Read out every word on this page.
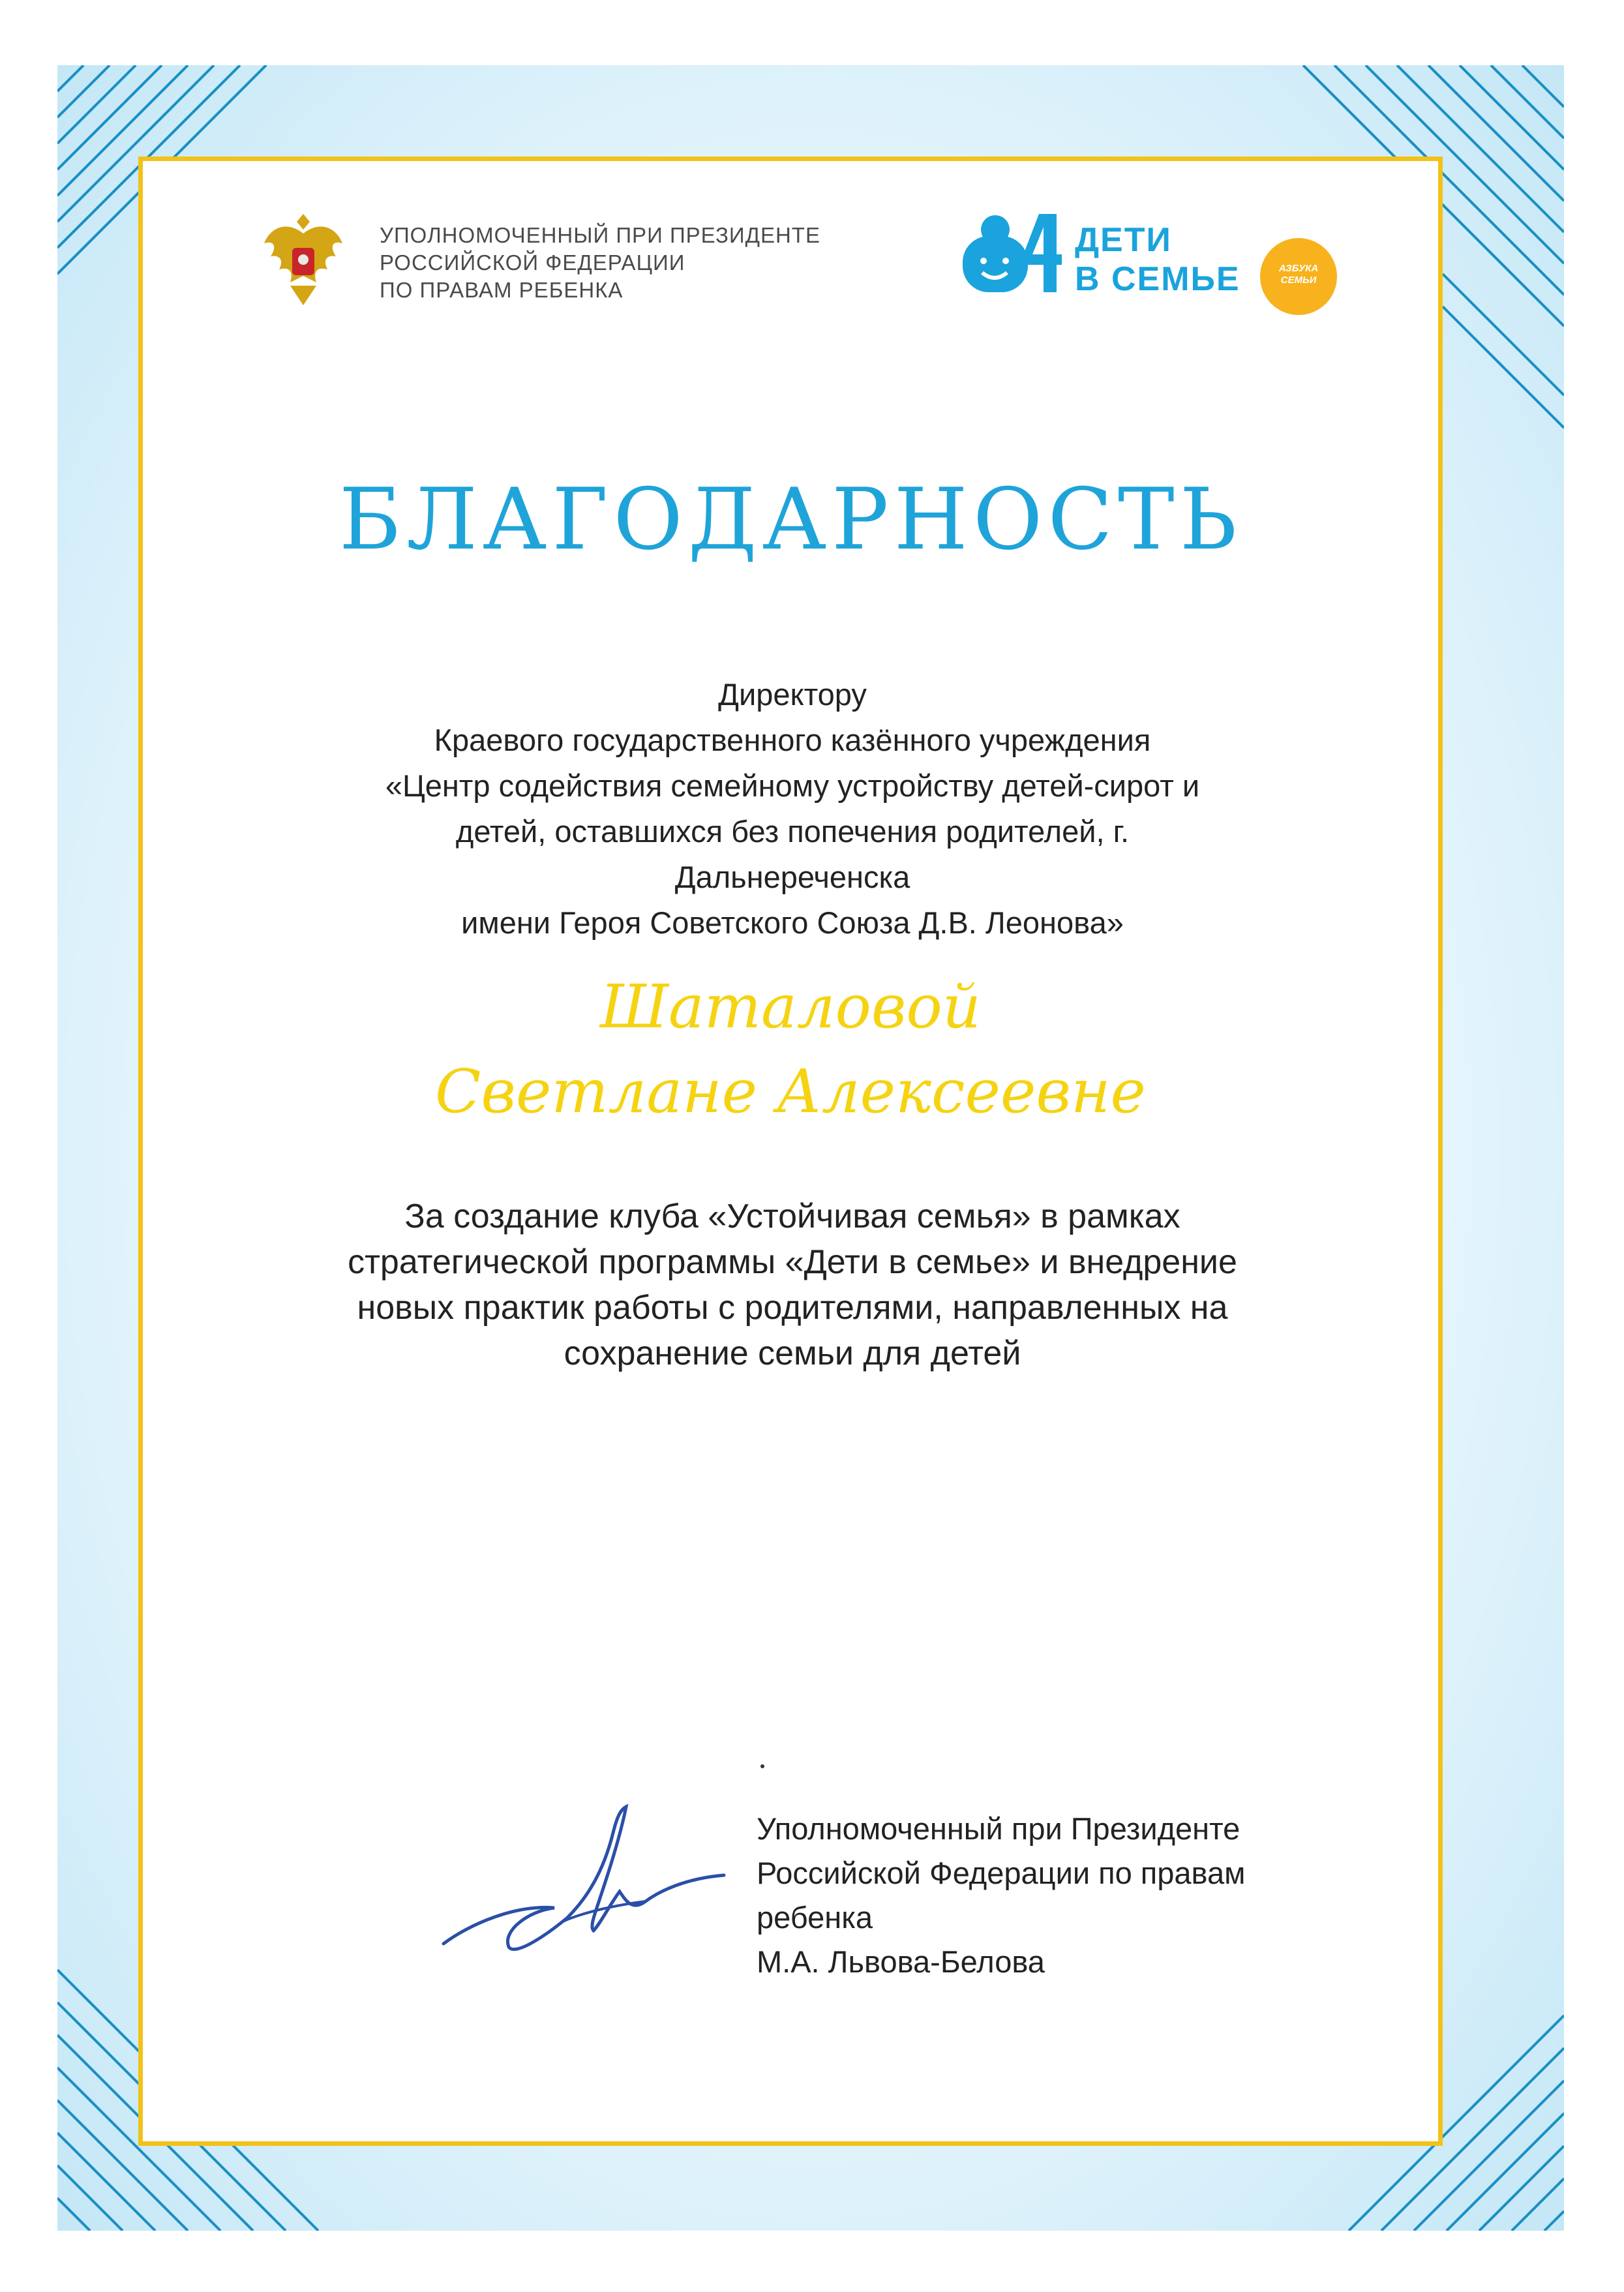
УПОЛНОМОЧЕННЫЙ ПРИ ПРЕЗИДЕНТЕ
РОССИЙСКОЙ ФЕДЕРАЦИИ
ПО ПРАВАМ РЕБЕНКА
ДЕТИ
В СЕМЬЕ	АЗБУКА
СЕМЬИ
БЛАГОДАРНОСТЬ
Директору
Краевого государственного казённого учреждения
«Центр содействия семейному устройству детей-сирот и
детей, оставшихся без попечения родителей, г.
Дальнереченска
имени Героя Советского Союза Д.В. Леонова»
Шаталовой
Светлане Алексеевне
За создание клуба «Устойчивая семья» в рамках
стратегической программы «Дети в семье» и внедрение
новых практик работы с родителями, направленных на
сохранение семьи для детей
Уполномоченный при Президенте
Российской Федерации по правам
ребенка
М.А. Львова-Белова
